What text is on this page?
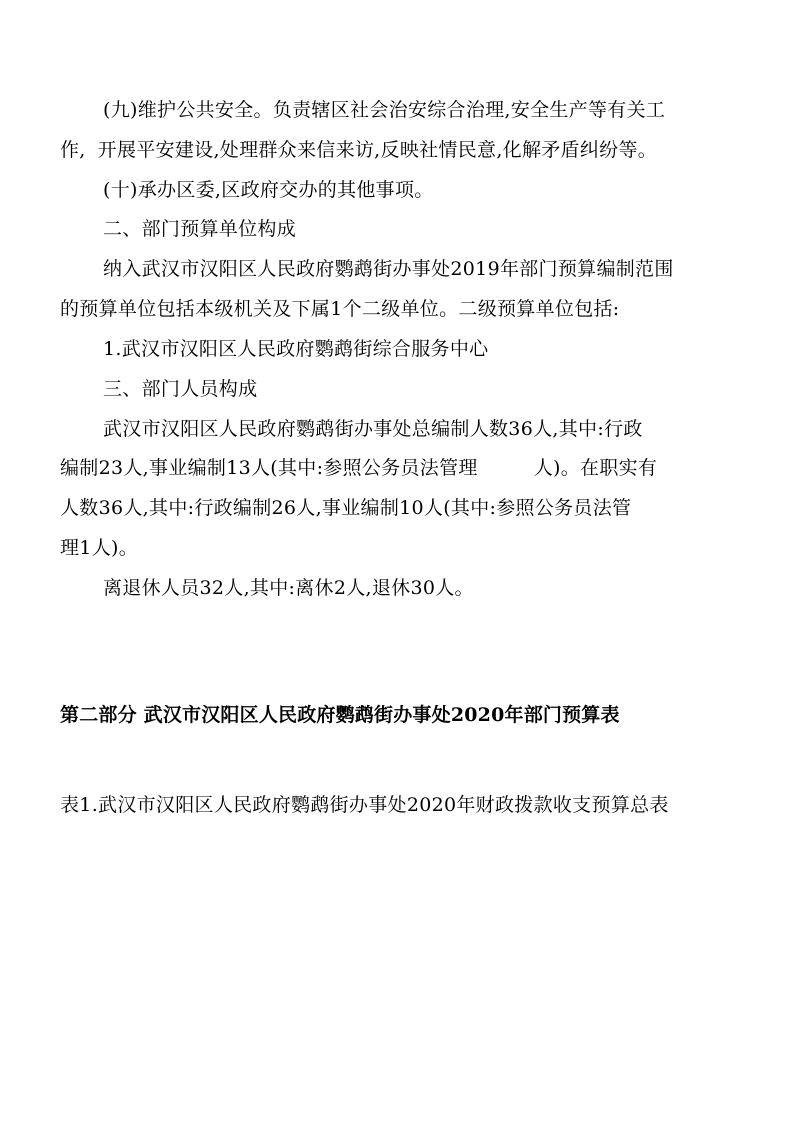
(九)维护公共安全。负责辖区社会治安综合治理,安全生产等有关工
作, 开展平安建设,处理群众来信来访,反映社情民意,化解矛盾纠纷等。
(十)承办区委,区政府交办的其他事项。
二、部门预算单位构成
纳入武汉市汉阳区人民政府鹦鹉街办事处2019年部门预算编制范围
的预算单位包括本级机关及下属1个二级单位。二级预算单位包括:
1.武汉市汉阳区人民政府鹦鹉街综合服务中心
三、部门人员构成
武汉市汉阳区人民政府鹦鹉街办事处总编制人数36人,其中:行政
编制23人,事业编制13人(其中:参照公务员法管理	人)。在职实有
人数36人,其中:行政编制26人,事业编制10人(其中:参照公务员法管
理1人)。
离退休人员32人,其中:离休2人,退休30人。
第二部分 武汉市汉阳区人民政府鹦鹉街办事处2020年部门预算表
表1.武汉市汉阳区人民政府鹦鹉街办事处2020年财政拨款收支预算总表
